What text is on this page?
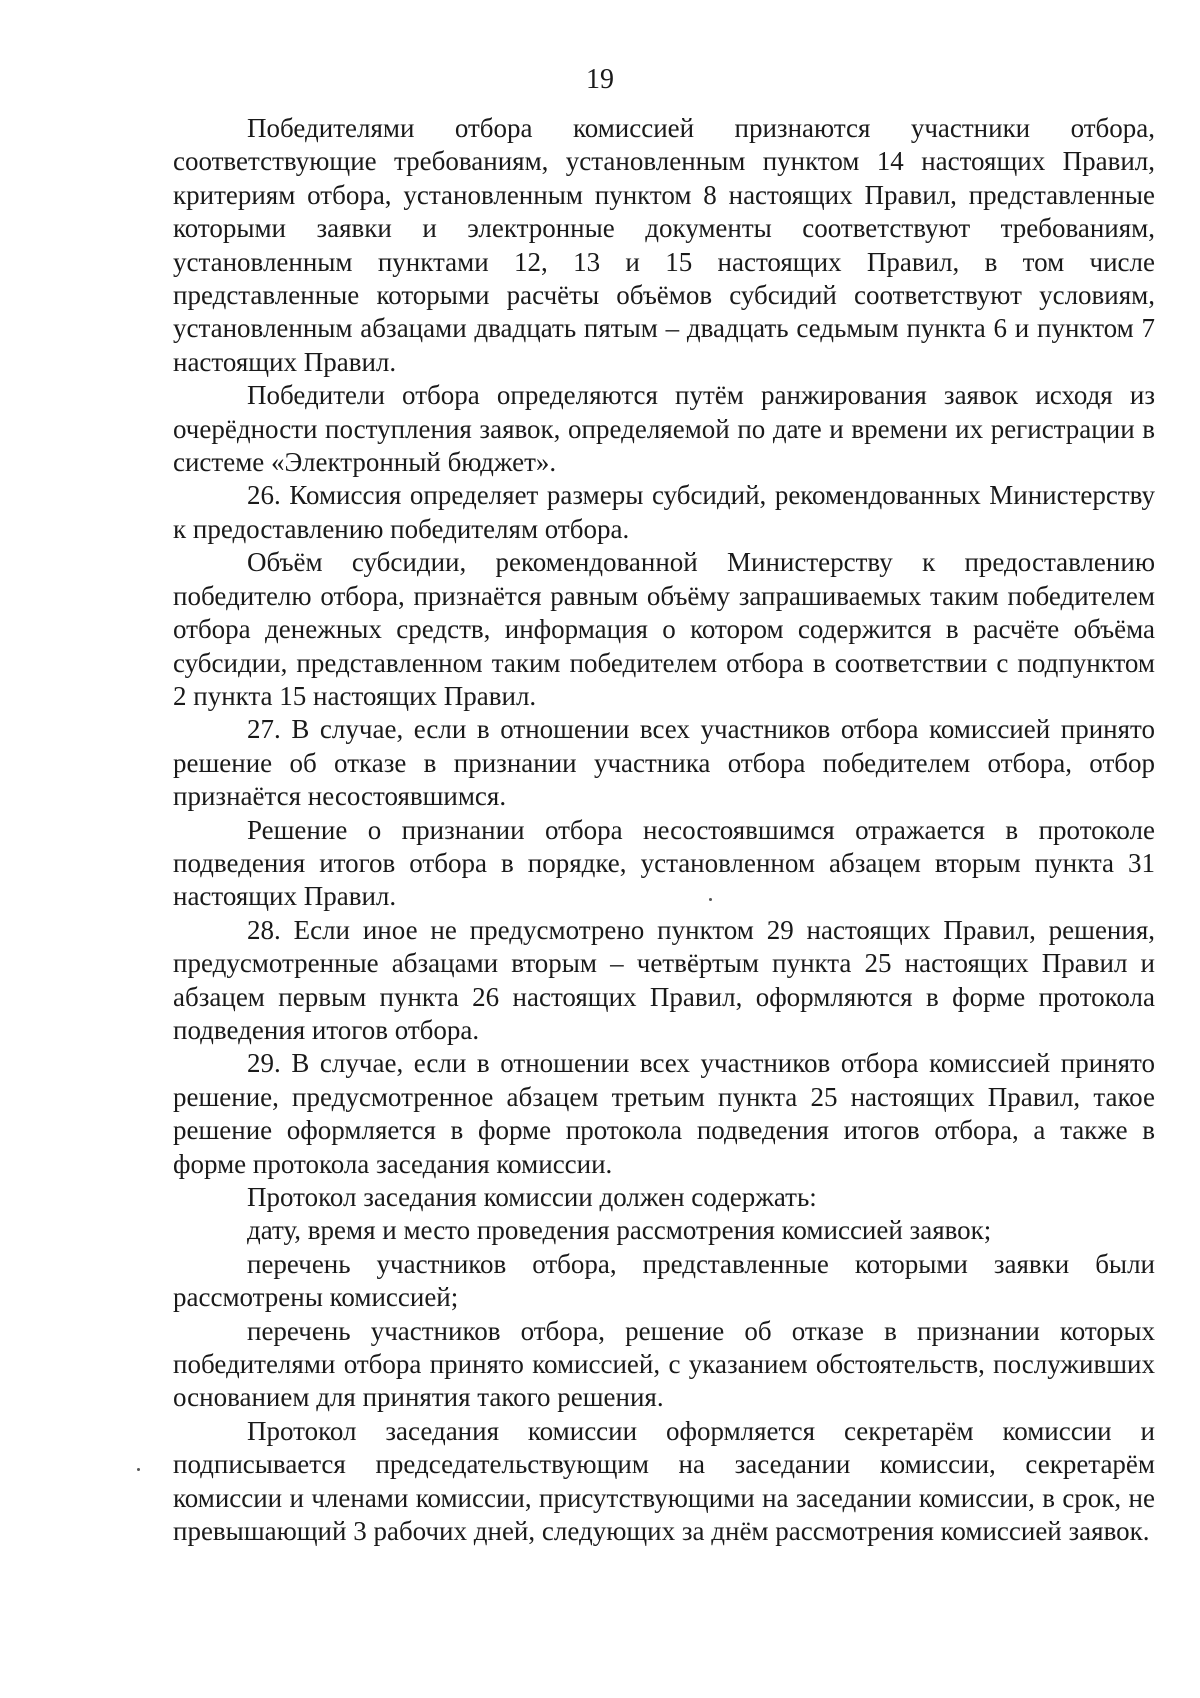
19

Победителями отбора комиссией признаются участники отбора, соответствующие требованиям, установленным пунктом 14 настоящих Правил, критериям отбора, установленным пунктом 8 настоящих Правил, представленные которыми заявки и электронные документы соответствуют требованиям, установленным пунктами 12, 13 и 15 настоящих Правил, в том числе представленные которыми расчёты объёмов субсидий соответствуют условиям, установленным абзацами двадцать пятым – двадцать седьмым пункта 6 и пунктом 7 настоящих Правил.

Победители отбора определяются путём ранжирования заявок исходя из очерёдности поступления заявок, определяемой по дате и времени их регистрации в системе «Электронный бюджет».

26. Комиссия определяет размеры субсидий, рекомендованных Министерству к предоставлению победителям отбора.

Объём субсидии, рекомендованной Министерству к предоставлению победителю отбора, признаётся равным объёму запрашиваемых таким победителем отбора денежных средств, информация о котором содержится в расчёте объёма субсидии, представленном таким победителем отбора в соответствии с подпунктом 2 пункта 15 настоящих Правил.

27. В случае, если в отношении всех участников отбора комиссией принято решение об отказе в признании участника отбора победителем отбора, отбор признаётся несостоявшимся.

Решение о признании отбора несостоявшимся отражается в протоколе подведения итогов отбора в порядке, установленном абзацем вторым пункта 31 настоящих Правил.

28. Если иное не предусмотрено пунктом 29 настоящих Правил, решения, предусмотренные абзацами вторым – четвёртым пункта 25 настоящих Правил и абзацем первым пункта 26 настоящих Правил, оформляются в форме протокола подведения итогов отбора.

29. В случае, если в отношении всех участников отбора комиссией принято решение, предусмотренное абзацем третьим пункта 25 настоящих Правил, такое решение оформляется в форме протокола подведения итогов отбора, а также в форме протокола заседания комиссии.

Протокол заседания комиссии должен содержать:

дату, время и место проведения рассмотрения комиссией заявок;

перечень участников отбора, представленные которыми заявки были рассмотрены комиссией;

перечень участников отбора, решение об отказе в признании которых победителями отбора принято комиссией, с указанием обстоятельств, послуживших основанием для принятия такого решения.

Протокол заседания комиссии оформляется секретарём комиссии и подписывается председательствующим на заседании комиссии, секретарём комиссии и членами комиссии, присутствующими на заседании комиссии, в срок, не превышающий 3 рабочих дней, следующих за днём рассмотрения комиссией заявок.
